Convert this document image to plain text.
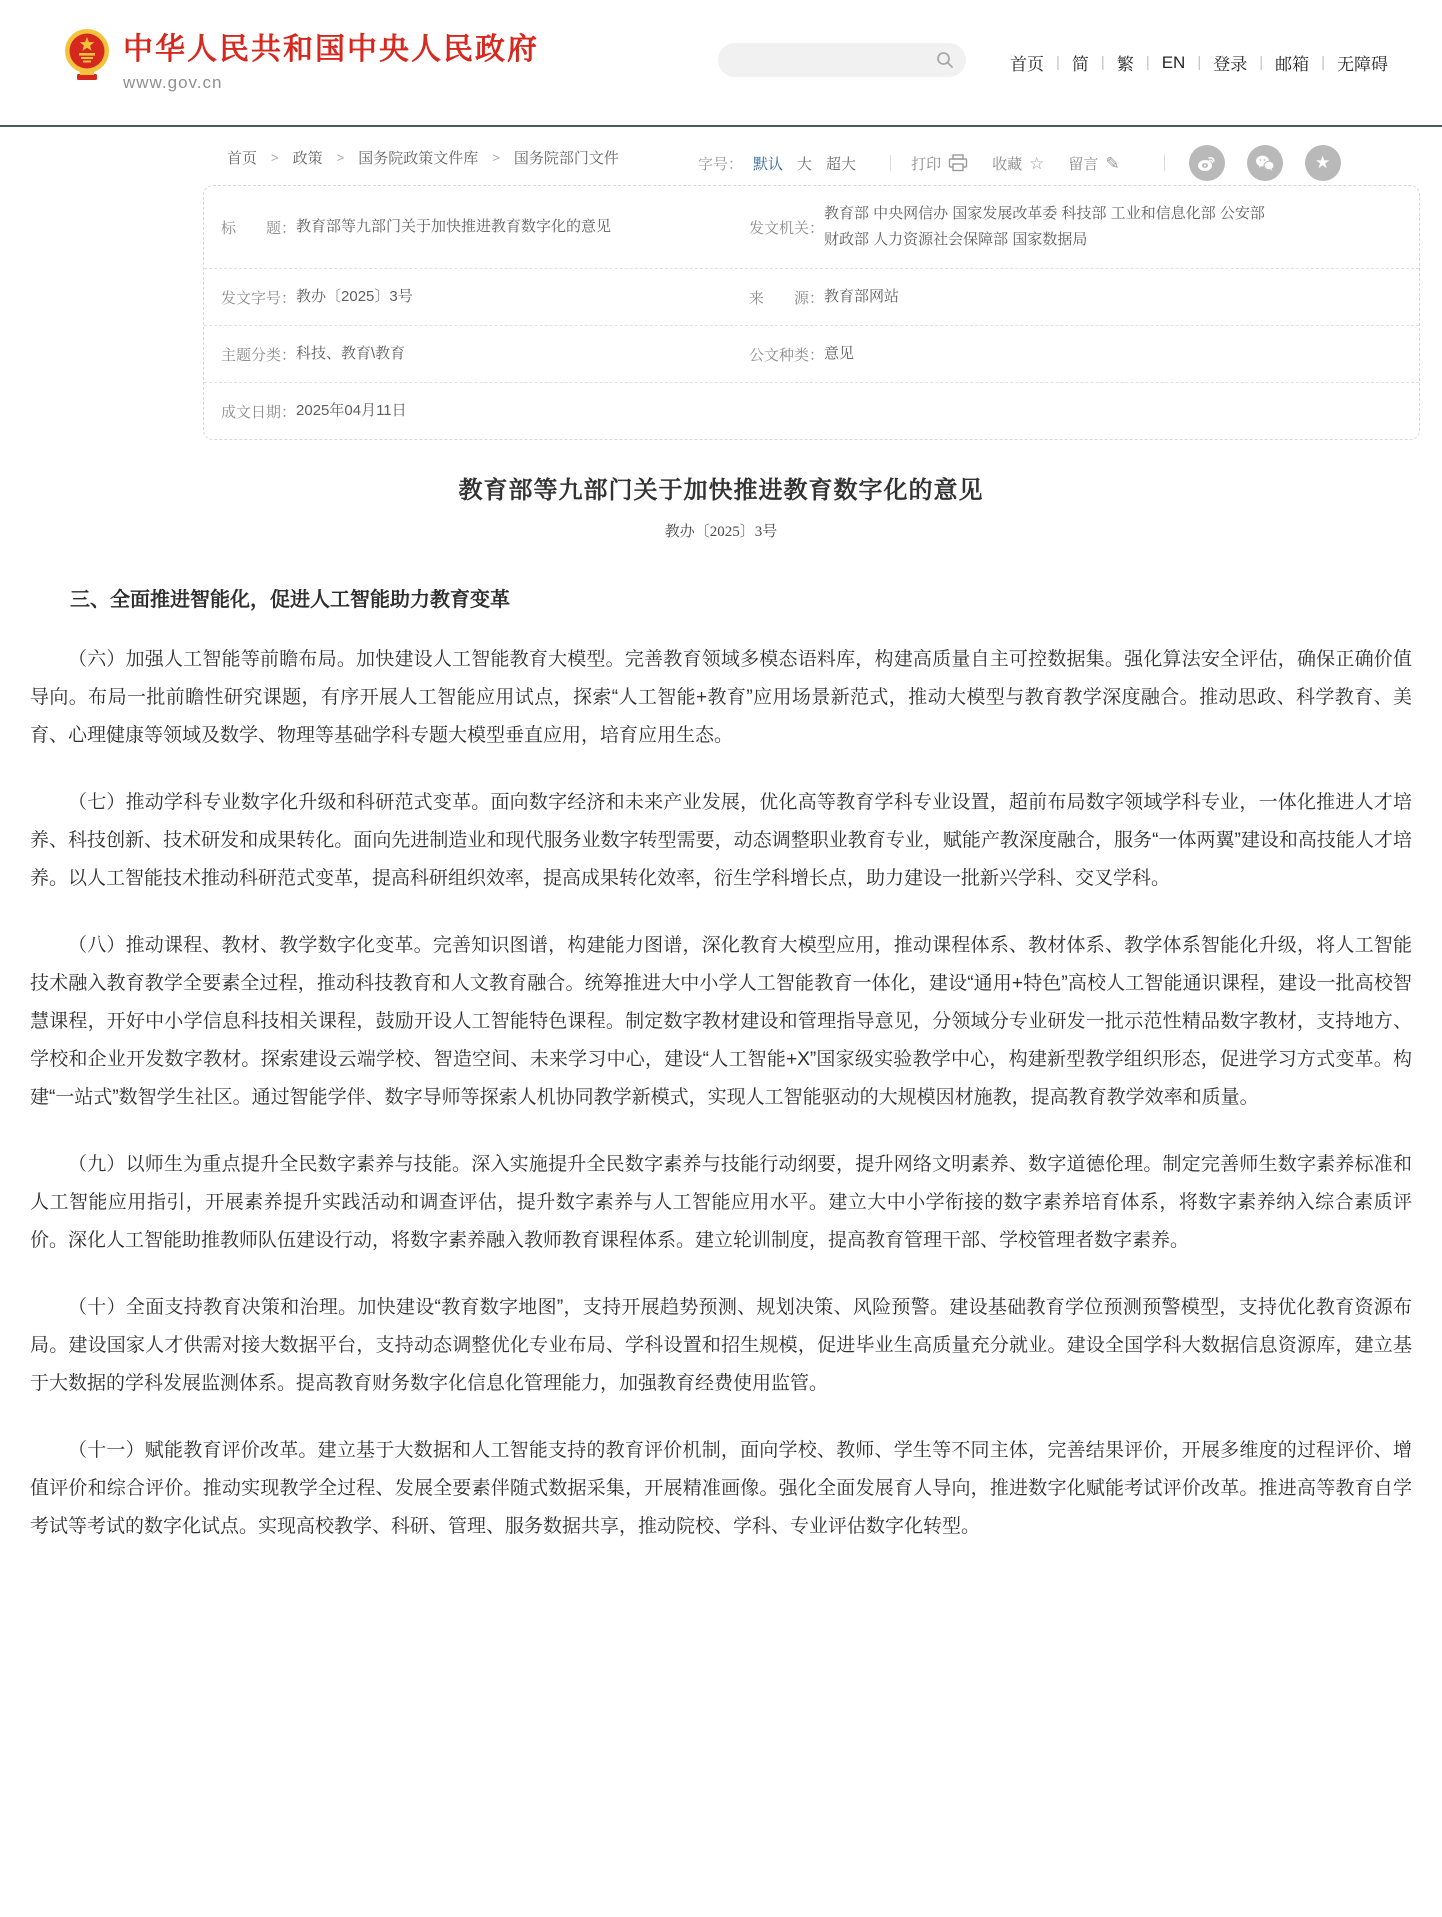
中华人民共和国中央人民政府
www.gov.cn
首页 |	简 |	繁 |	EN |	登录 |	邮箱 |	无障碍
首页 > 政策 > 国务院政策文件库 > 国务院部门文件	字号： 默认 大 超大	打印	收藏 ☆ 留言 ✎	★
标　　题： 教育部等九部门关于加快推进教育数字化的意见	发文机关：
教育部 中央网信办 国家发展改革委 科技部 工业和信息化部 公安部 财政部 人力资源社会保障部 国家数据局
发文字号： 教办〔2025〕3号	来　　源： 教育部网站
主题分类： 科技、教育\教育	公文种类： 意见
成文日期： 2025年04月11日
教育部等九部门关于加快推进教育数字化的意见
教办〔2025〕3号
三、全面推进智能化，促进人工智能助力教育变革

（六）加强人工智能等前瞻布局。加快建设人工智能教育大模型。完善教育领域多模态语料库，构建高质量自主可控数据集。强化算法安全评估，确保正确价值导向。布局一批前瞻性研究课题，有序开展人工智能应用试点，探索“人工智能+教育”应用场景新范式，推动大模型与教育教学深度融合。推动思政、科学教育、美育、心理健康等领域及数学、物理等基础学科专题大模型垂直应用，培育应用生态。

（七）推动学科专业数字化升级和科研范式变革。面向数字经济和未来产业发展，优化高等教育学科专业设置，超前布局数字领域学科专业，一体化推进人才培养、科技创新、技术研发和成果转化。面向先进制造业和现代服务业数字转型需要，动态调整职业教育专业，赋能产教深度融合，服务“一体两翼”建设和高技能人才培养。以人工智能技术推动科研范式变革，提高科研组织效率，提高成果转化效率，衍生学科增长点，助力建设一批新兴学科、交叉学科。

（八）推动课程、教材、教学数字化变革。完善知识图谱，构建能力图谱，深化教育大模型应用，推动课程体系、教材体系、教学体系智能化升级，将人工智能技术融入教育教学全要素全过程，推动科技教育和人文教育融合。统筹推进大中小学人工智能教育一体化，建设“通用+特色”高校人工智能通识课程，建设一批高校智慧课程，开好中小学信息科技相关课程，鼓励开设人工智能特色课程。制定数字教材建设和管理指导意见，分领域分专业研发一批示范性精品数字教材，支持地方、学校和企业开发数字教材。探索建设云端学校、智造空间、未来学习中心，建设“人工智能+X”国家级实验教学中心，构建新型教学组织形态，促进学习方式变革。构建“一站式”数智学生社区。通过智能学伴、数字导师等探索人机协同教学新模式，实现人工智能驱动的大规模因材施教，提高教育教学效率和质量。

（九）以师生为重点提升全民数字素养与技能。深入实施提升全民数字素养与技能行动纲要，提升网络文明素养、数字道德伦理。制定完善师生数字素养标准和人工智能应用指引，开展素养提升实践活动和调查评估，提升数字素养与人工智能应用水平。建立大中小学衔接的数字素养培育体系，将数字素养纳入综合素质评价。深化人工智能助推教师队伍建设行动，将数字素养融入教师教育课程体系。建立轮训制度，提高教育管理干部、学校管理者数字素养。

（十）全面支持教育决策和治理。加快建设“教育数字地图”，支持开展趋势预测、规划决策、风险预警。建设基础教育学位预测预警模型，支持优化教育资源布局。建设国家人才供需对接大数据平台，支持动态调整优化专业布局、学科设置和招生规模，促进毕业生高质量充分就业。建设全国学科大数据信息资源库，建立基于大数据的学科发展监测体系。提高教育财务数字化信息化管理能力，加强教育经费使用监管。

（十一）赋能教育评价改革。建立基于大数据和人工智能支持的教育评价机制，面向学校、教师、学生等不同主体，完善结果评价，开展多维度的过程评价、增值评价和综合评价。推动实现教学全过程、发展全要素伴随式数据采集，开展精准画像。强化全面发展育人导向，推进数字化赋能考试评价改革。推进高等教育自学考试等考试的数字化试点。实现高校教学、科研、管理、服务数据共享，推动院校、学科、专业评估数字化转型。
